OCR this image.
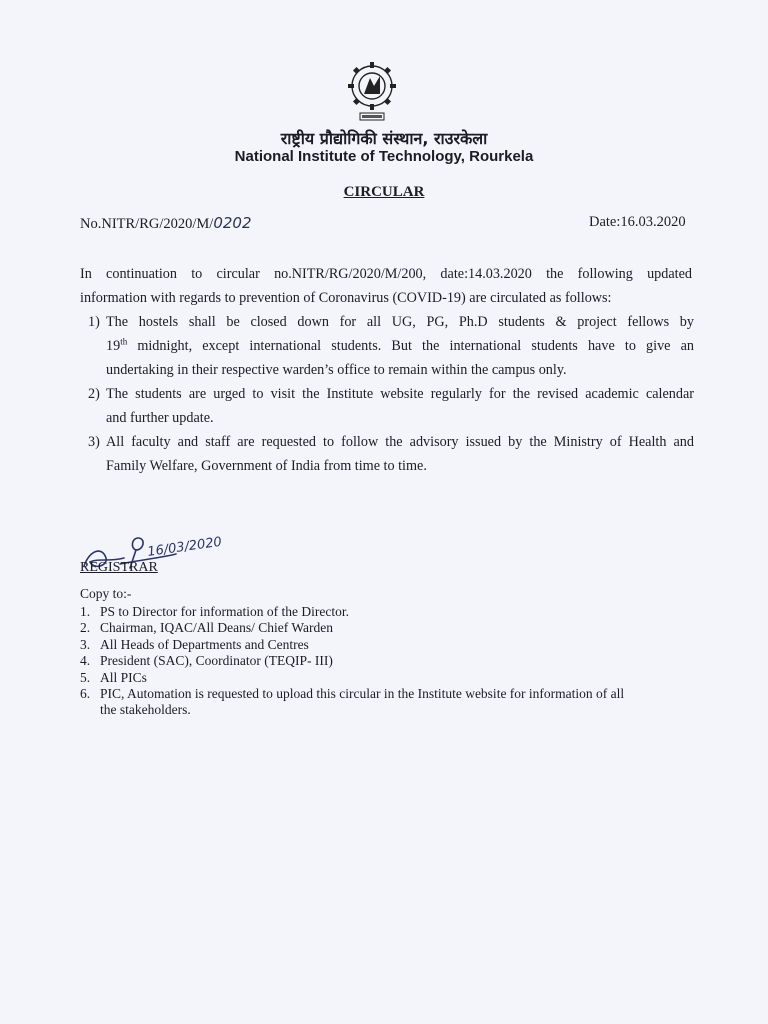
राष्ट्रीय प्रौद्योगिकी संस्थान, राउरकेला
National Institute of Technology, Rourkela
CIRCULAR
No.NITR/RG/2020/M/0202	Date:16.03.2020
In continuation to circular no.NITR/RG/2020/M/200, date:14.03.2020 the following updated
information with regards to prevention of Coronavirus (COVID-19) are circulated as follows:
1) The hostels shall be closed down for all UG, PG, Ph.D students & project fellows by
19th midnight, except international students. But the international students have to give an
undertaking in their respective warden’s office to remain within the campus only.
2) The students are urged to visit the Institute website regularly for the revised academic calendar
and further update.
3) All faculty and staff are requested to follow the advisory issued by the Ministry of Health and
Family Welfare, Government of India from time to time.
16/03/2020
REGISTRAR
Copy to:-
1. PS to Director for information of the Director.
2. Chairman, IQAC/All Deans/ Chief Warden
3. All Heads of Departments and Centres
4. President (SAC), Coordinator (TEQIP- III)
5. All PICs
6. PIC, Automation is requested to upload this circular in the Institute website for information of all
the stakeholders.
